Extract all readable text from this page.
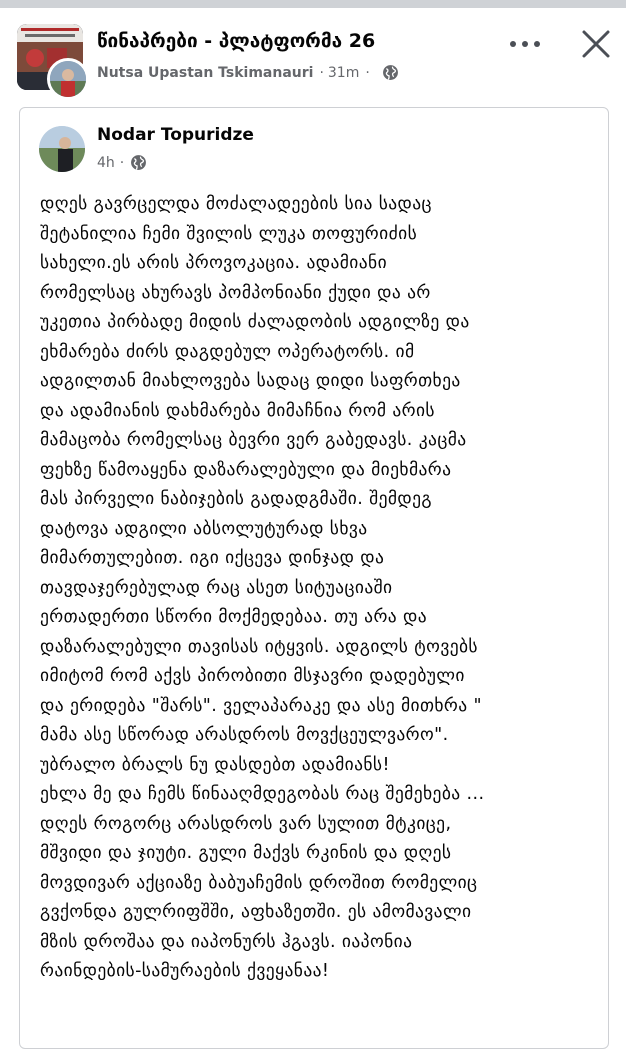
წინაპრები - პლატფორმა 26
Nutsa Upastan Tskimanauri · 31m ·
Nodar Topuridze
4h ·
დღეს გავრცელდა მოძალადეების სია სადაც
შეტანილია ჩემი შვილის ლუკა თოფურიძის
სახელი.ეს არის პროვოკაცია. ადამიანი
რომელსაც ახურავს პომპონიანი ქუდი და არ
უკეთია პირბადე მიდის ძალადობის ადგილზე და
ეხმარება ძირს დაგდებულ ოპერატორს. იმ
ადგილთან მიახლოვება სადაც დიდი საფრთხეა
და ადამიანის დახმარება მიმაჩნია რომ არის
მამაცობა რომელსაც ბევრი ვერ გაბედავს. კაცმა
ფეხზე წამოაყენა დაზარალებული და მიეხმარა
მას პირველი ნაბიჯების გადადგმაში. შემდეგ
დატოვა ადგილი აბსოლუტურად სხვა
მიმართულებით. იგი იქცევა დინჯად და
თავდაჯერებულად რაც ასეთ სიტუაციაში
ერთადერთი სწორი მოქმედებაა. თუ არა და
დაზარალებული თავისას იტყვის. ადგილს ტოვებს
იმიტომ რომ აქვს პირობითი მსჯავრი დადებული
და ერიდება "შარს". ველაპარაკე და ასე მითხრა "
მამა ასე სწორად არასდროს მოვქცეულვარო".
უბრალო ბრალს ნუ დასდებთ ადამიანს!
ეხლა მე და ჩემს წინააღმდეგობას რაც შემეხება ...
დღეს როგორც არასდროს ვარ სულით მტკიცე,
მშვიდი და ჯიუტი. გული მაქვს რკინის და დღეს
მოვდივარ აქციაზე ბაბუაჩემის დროშით რომელიც
გვქონდა გულრიფშში, აფხაზეთში. ეს ამომავალი
მზის დროშაა და იაპონურს ჰგავს. იაპონია
რაინდების-სამურაების ქვეყანაა!
